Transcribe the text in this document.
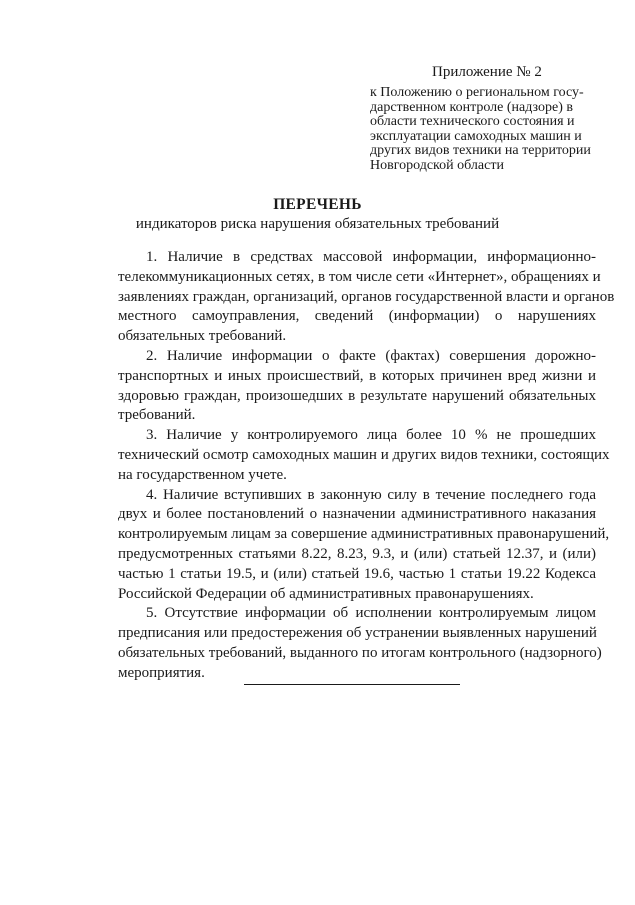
Приложение № 2
к Положению о региональном госу-
дарственном контроле (надзоре) в
области технического состояния и
эксплуатации самоходных машин и
других видов техники на территории
Новгородской области
ПЕРЕЧЕНЬ
индикаторов риска нарушения обязательных требований
1. Наличие в средствах массовой информации, информационно-
телекоммуникационных сетях, в том числе сети «Интернет», обращениях и
заявлениях граждан, организаций, органов государственной власти и органов
местного самоуправления, сведений (информации) о нарушениях
обязательных требований.
2. Наличие информации о факте (фактах) совершения дорожно-
транспортных и иных происшествий, в которых причинен вред жизни и
здоровью граждан, произошедших в результате нарушений обязательных
требований.
3. Наличие у контролируемого лица более 10 % не прошедших
технический осмотр самоходных машин и других видов техники, состоящих
на государственном учете.
4. Наличие вступивших в законную силу в течение последнего года
двух и более постановлений о назначении административного наказания
контролируемым лицам за совершение административных правонарушений,
предусмотренных статьями 8.22, 8.23, 9.3, и (или) статьей 12.37, и (или)
частью 1 статьи 19.5, и (или) статьей 19.6, частью 1 статьи 19.22 Кодекса
Российской Федерации об административных правонарушениях.
5. Отсутствие информации об исполнении контролируемым лицом
предписания или предостережения об устранении выявленных нарушений
обязательных требований, выданного по итогам контрольного (надзорного)
мероприятия.
